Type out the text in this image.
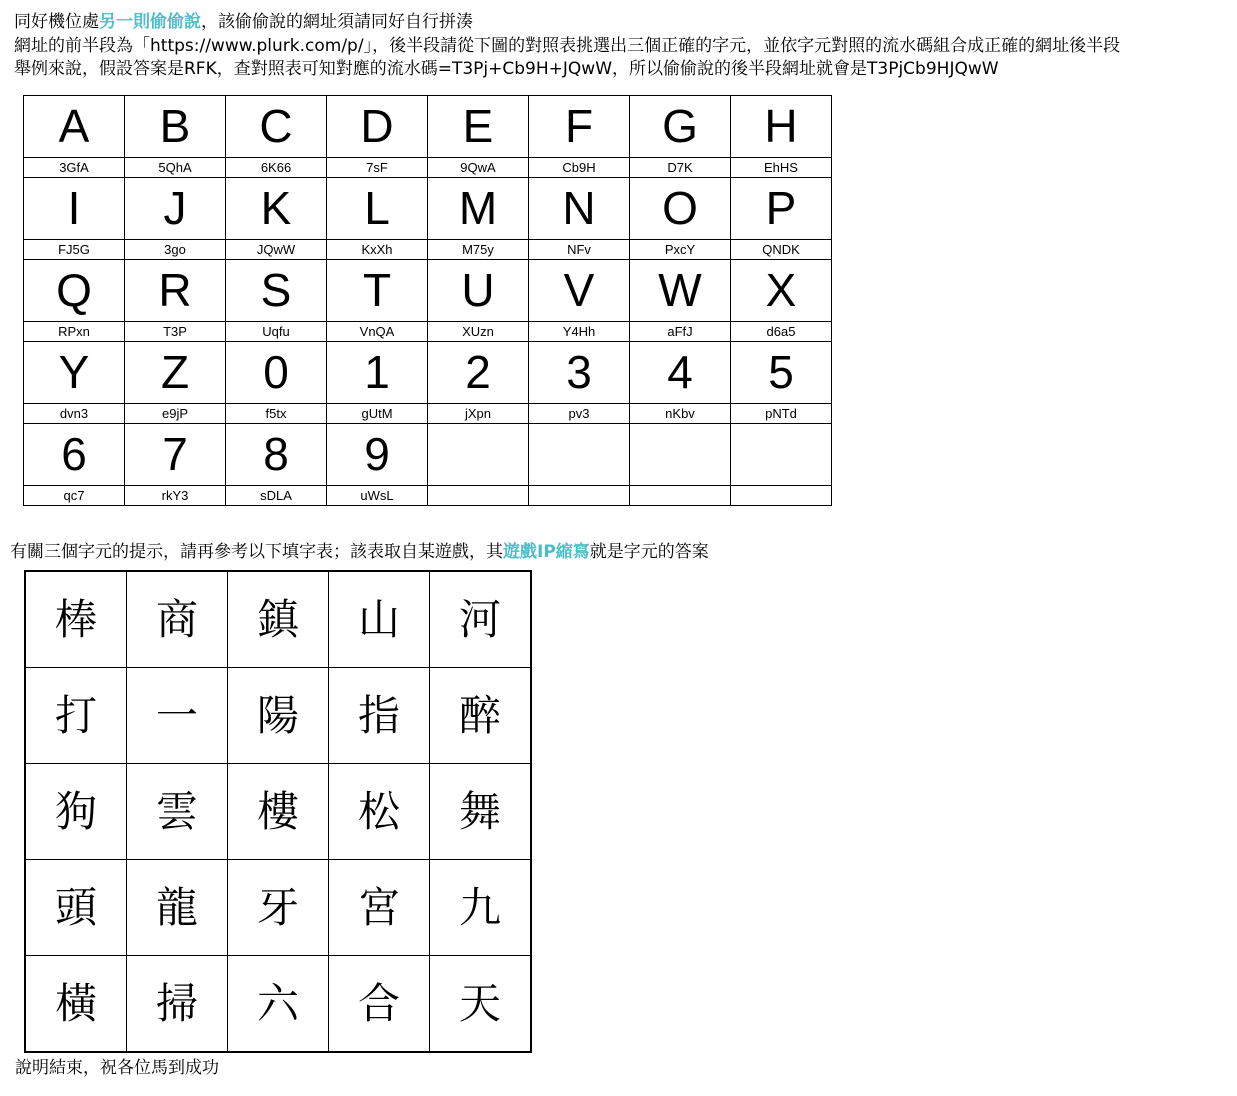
同好機位處另一則偷偷說，該偷偷說的網址須請同好自行拼湊
網址的前半段為「https://www.plurk.com/p/」，後半段請從下圖的對照表挑選出三個正確的字元，並依字元對照的流水碼組合成正確的網址後半段
舉例來說，假設答案是RFK，查對照表可知對應的流水碼=T3Pj+Cb9H+JQwW，所以偷偷說的後半段網址就會是T3PjCb9HJQwW
A	B	C	D	E	F	G	H
3GfA	5QhA	6K66	7sF	9QwA	Cb9H	D7K	EhHS
I	J	K	L	M	N	O	P
FJ5G	3go	JQwW	KxXh	M75y	NFv	PxcY	QNDK
Q	R	S	T	U	V	W	X
RPxn	T3P	Uqfu	VnQA	XUzn	Y4Hh	aFfJ	d6a5
Y	Z	0	1	2	3	4	5
dvn3	e9jP	f5tx	gUtM	jXpn	pv3	nKbv	pNTd
6	7	8	9				
qc7	rkY3	sDLA	uWsL				
有關三個字元的提示，請再參考以下填字表；該表取自某遊戲，其遊戲IP縮寫就是字元的答案
棒	商	鎮	山	河
打	一	陽	指	醉
狗	雲	樓	松	舞
頭	龍	牙	宮	九
橫	掃	六	合	天
說明結束，祝各位馬到成功
